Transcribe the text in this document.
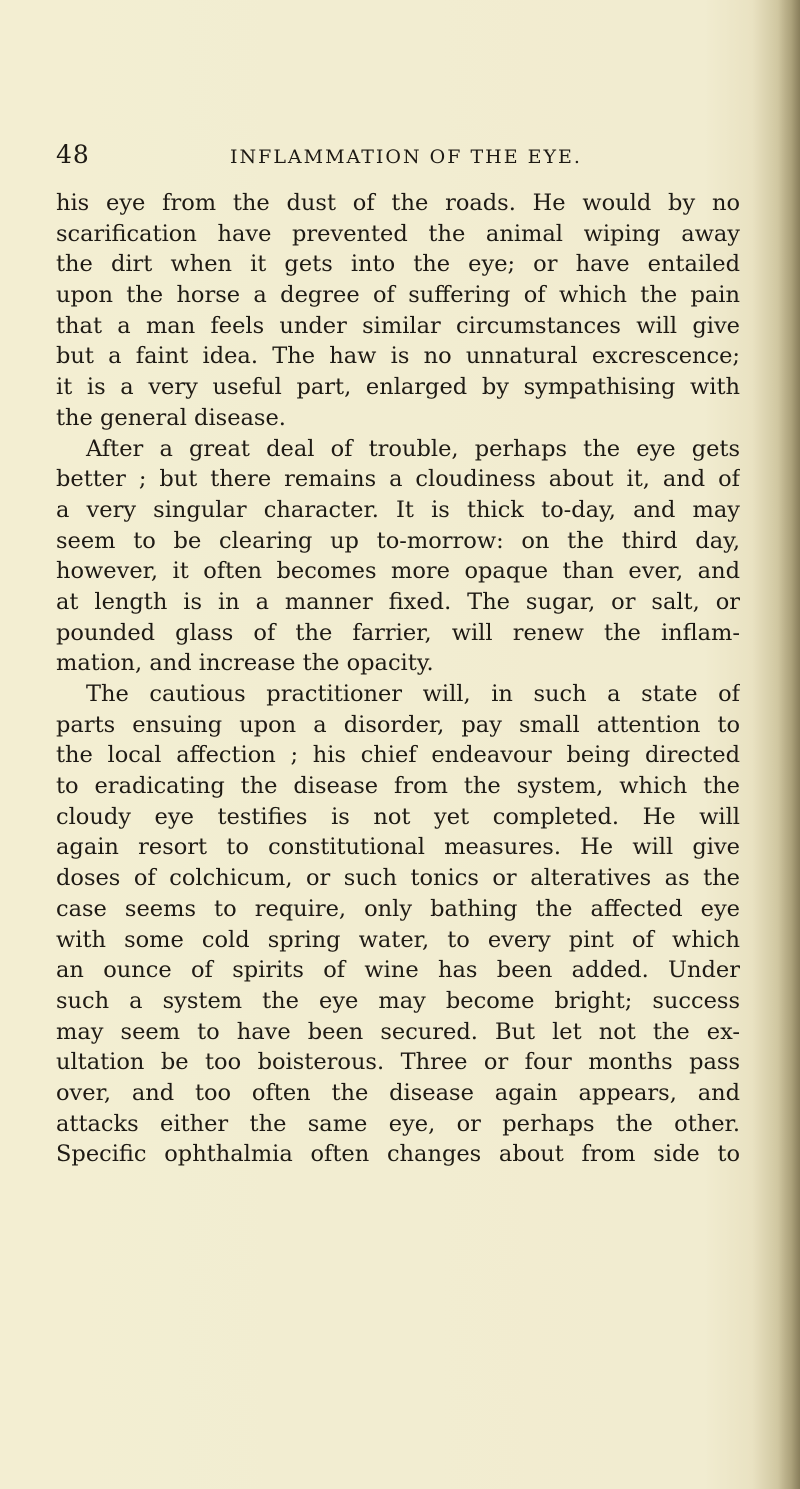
48	INFLAMMATION OF THE EYE.
his eye from the dust of the roads. He would by no
scarification have prevented the animal wiping away
the dirt when it gets into the eye; or have entailed
upon the horse a degree of suffering of which the pain
that a man feels under similar circumstances will give
but a faint idea. The haw is no unnatural excrescence;
it is a very useful part, enlarged by sympathising with
the general disease.
After a great deal of trouble, perhaps the eye gets
better ; but there remains a cloudiness about it, and of
a very singular character. It is thick to-day, and may
seem to be clearing up to-morrow: on the third day,
however, it often becomes more opaque than ever, and
at length is in a manner fixed. The sugar, or salt, or
pounded glass of the farrier, will renew the inflam-
mation, and increase the opacity.
The cautious practitioner will, in such a state of
parts ensuing upon a disorder, pay small attention to
the local affection ; his chief endeavour being directed
to eradicating the disease from the system, which the
cloudy eye testifies is not yet completed. He will
again resort to constitutional measures. He will give
doses of colchicum, or such tonics or alteratives as the
case seems to require, only bathing the affected eye
with some cold spring water, to every pint of which
an ounce of spirits of wine has been added. Under
such a system the eye may become bright; success
may seem to have been secured. But let not the ex-
ultation be too boisterous. Three or four months pass
over, and too often the disease again appears, and
attacks either the same eye, or perhaps the other.
Specific ophthalmia often changes about from side to
